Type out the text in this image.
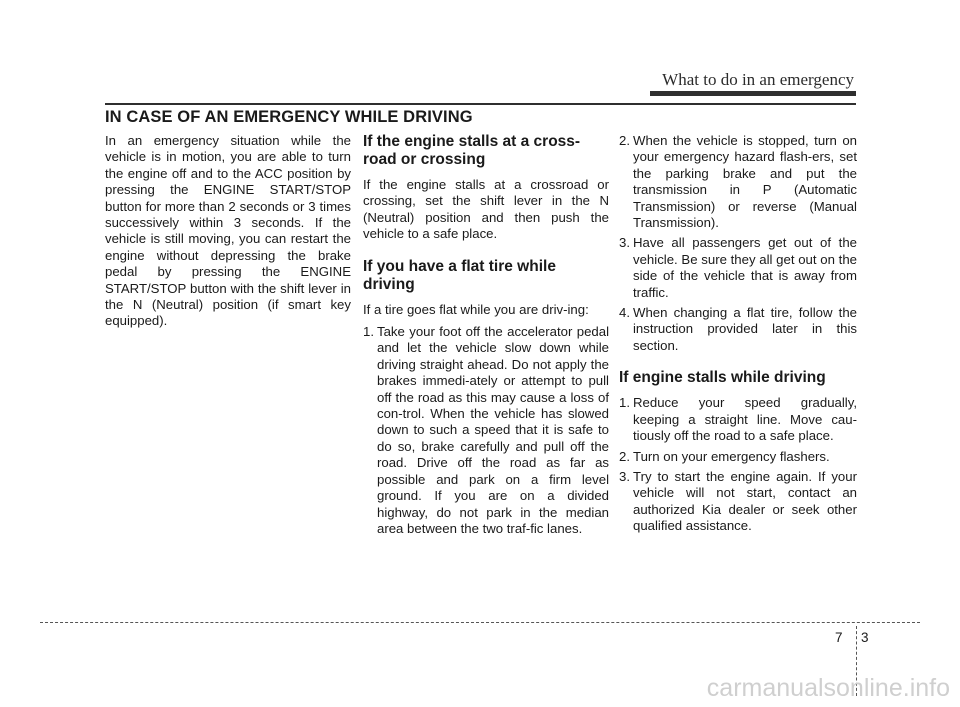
What to do in an emergency
IN CASE OF AN EMERGENCY WHILE DRIVING

In an emergency situation while the vehicle is in motion, you are able to turn the engine off and to the ACC position by pressing the ENGINE START/STOP button for more than 2 seconds or 3 times successively within 3 seconds. If the vehicle is still moving, you can restart the engine without depressing the brake pedal by pressing the ENGINE START/STOP button with the shift lever in the N (Neutral) position (if smart key equipped).

If the engine stalls at a cross-road or crossing

If the engine stalls at a crossroad or crossing, set the shift lever in the N (Neutral) position and then push the vehicle to a safe place.

If you have a flat tire while driving

If a tire goes flat while you are driv-ing:

1. Take your foot off the accelerator pedal and let the vehicle slow down while driving straight ahead. Do not apply the brakes immedi-ately or attempt to pull off the road as this may cause a loss of con-trol. When the vehicle has slowed down to such a speed that it is safe to do so, brake carefully and pull off the road. Drive off the road as far as possible and park on a firm level ground. If you are on a divided highway, do not park in the median area between the two traf-fic lanes.
2. When the vehicle is stopped, turn on your emergency hazard flash-ers, set the parking brake and put the transmission in P (Automatic Transmission) or reverse (Manual Transmission).
3. Have all passengers get out of the vehicle. Be sure they all get out on the side of the vehicle that is away from traffic.
4. When changing a flat tire, follow the instruction provided later in this section.
If engine stalls while driving
1. Reduce your speed gradually, keeping a straight line. Move cau-tiously off the road to a safe place.
2. Turn on your emergency flashers.
3. Try to start the engine again. If your vehicle will not start, contact an authorized Kia dealer or seek other qualified assistance.
7 3
carmanualsonline.info
